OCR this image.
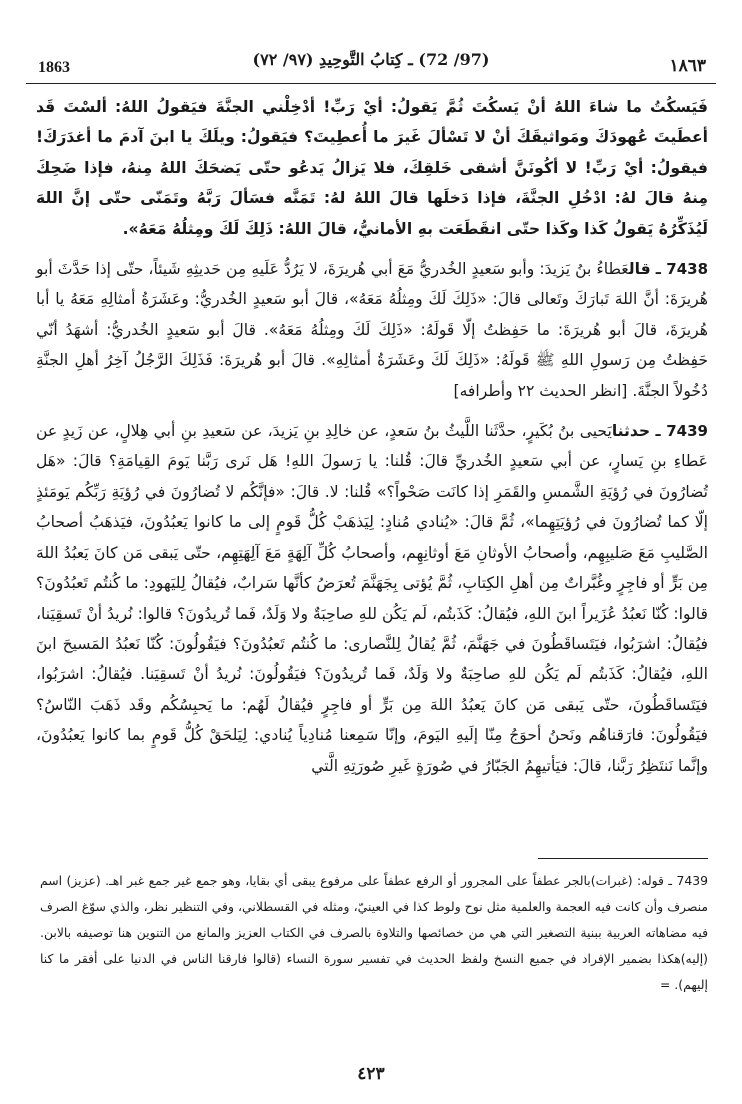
1863	(97/ 72) ـ كِتابُ التَّوحِيدِ (٩٧/ ٧٢)	١٨٦٣

فَيَسكُتُ ما شاءَ اللهُ أنْ يَسكُتَ ثُمَّ يَقولُ: أيْ رَبِّ! أدْخِلْني الجنَّةَ فيَقولُ اللهُ: ألسْتَ قَد أعطَيتَ عُهودَكَ ومَواثيقَكَ أنْ لا تَسْألَ غَيرَ ما أُعطِيتَ؟ فيَقولُ: ويلَكَ يا ابنَ آدمَ ما أغدَرَكَ! فيقولُ: أيْ رَبِّ! لا أكُونَنَّ أشقى خَلقِكَ، فلا يَزالُ يَدعُو حتّى يَضحَكَ اللهُ مِنهُ، فإذا ضَحِكَ مِنهُ قالَ لهُ: ادْخُلِ الجنَّةَ، فإذا دَخلَها قالَ اللهُ لهُ: تَمَنَّه فسَألَ رَبَّهُ وتَمَنّى حتّى إنَّ اللهَ لَيُذَكِّرُهُ يَقولُ كَذا وكَذا حتّى انقَطَعَت بهِ الأمانيُّ، قالَ اللهُ: ذَلِكَ لَكَ ومِثلُهُ مَعَهُ».

7438 ـ قالعَطاءُ بنُ يَزيدَ: وأبو سَعيدٍ الخُدريُّ مَعَ أبي هُريرَةَ، لا يَرُدُّ عَلَيهِ مِن حَديثِهِ شَيئاً، حتّى إذا حَدَّثَ أبو هُريرَةَ: أنَّ اللهَ تَبارَكَ وتَعالى قالَ: «ذَلِكَ لَكَ ومِثلُهُ مَعَهُ»، قالَ أبو سَعيدٍ الخُدريُّ: وعَشَرَةُ أمثالِهِ مَعَهُ يا أبا هُريرَةَ، قالَ أبو هُريرَةَ: ما حَفِظتُ إلّا قَولَهُ: «ذَلِكَ لَكَ ومِثلُهُ مَعَهُ». قالَ أبو سَعيدٍ الخُدريُّ: أشهَدُ أنّي حَفِظتُ مِن رَسولِ اللهِ ﷺ قَولَهُ: «ذَلِكَ لَكَ وعَشَرَةُ أمثالِهِ». قالَ أبو هُريرَةَ: فَذَلِكَ الرَّجُلُ آخِرُ أهلِ الجنَّةِ دُخُولاً الجنَّةَ. [انظر الحديث ٢٢ وأطرافه]

7439 ـ حدثنايَحيى بنُ بُكَيرٍ، حدَّثَنا اللَّيثُ بنُ سَعدٍ، عن خالِدِ بنِ يَزيدَ، عن سَعيدِ بنِ أبي هِلالٍ، عن زَيدٍ عن عَطاءِ بنِ يَسارٍ، عن أبي سَعيدٍ الخُدريِّ قالَ: قُلنا: يا رَسولَ اللهِ! هَل نَرى رَبَّنا يَومَ القِيامَةِ؟ قالَ: «هَل تُضارُونَ في رُؤيَةِ الشَّمسِ والقَمَرِ إذا كانَت صَحْواً؟» قُلنا: لا. قالَ: «فإنَّكُم لا تُضارُونَ في رُؤيَةِ رَبِّكُم يَومَئذٍ إلّا كما تُضارُونَ في رُؤيَتِهِما»، ثُمَّ قالَ: «يُنادي مُنادٍ: لِيَذهَبْ كُلُّ قَومٍ إلى ما كانوا يَعبُدُونَ، فيَذهَبُ أصحابُ الصَّليبِ مَعَ صَليبِهِم، وأصحابُ الأوثانِ مَعَ أوثانِهِم، وأصحابُ كُلِّ آلِهَةٍ مَعَ آلِهَتِهِم، حتّى يَبقى مَن كانَ يَعبُدُ اللهَ مِن بَرٍّ أو فاجِرٍ وغُبَّراتٌ مِن أهلِ الكِتابِ، ثُمَّ يُؤتى بِجَهَنَّمَ تُعرَضُ كأنَّها سَرابٌ، فيُقالُ لِليَهودِ: ما كُنتُم تَعبُدُونَ؟ قالوا: كُنّا نَعبُدُ عُزَيراً ابنَ اللهِ، فيُقالُ: كَذَبتُم، لَم يَكُن للهِ صاحِبَةٌ ولا وَلَدٌ، فَما تُريدُونَ؟ قالوا: نُريدُ أنْ تَسقِيَنا، فيُقالُ: اشرَبُوا، فيَتَساقَطُونَ في جَهَنَّمَ، ثُمَّ يُقالُ لِلنَّصارى: ما كُنتُم تَعبُدُونَ؟ فيَقُولُونَ: كُنّا نَعبُدُ المَسيحَ ابنَ اللهِ، فيُقالُ: كَذَبتُم لَم يَكُن للهِ صاحِبَةٌ ولا وَلَدٌ، فَما تُريدُونَ؟ فيَقُولُونَ: نُريدُ أنْ تَسقِيَنا. فيُقالُ: اشرَبُوا، فيَتَساقَطُونَ، حتّى يَبقى مَن كانَ يَعبُدُ اللهَ مِن بَرٍّ أو فاجِرٍ فيُقالُ لَهُم: ما يَحبِسُكُم وقَد ذَهَبَ النّاسُ؟ فيَقُولُونَ: فارَقناهُم ونَحنُ أحوَجُ مِنّا إلَيهِ اليَومَ، وإنّا سَمِعنا مُنادِياً يُنادي: لِيَلحَقْ كُلُّ قَومٍ بما كانوا يَعبُدُونَ، وإنَّما نَنتَظِرُ رَبَّنا، قالَ: فيَأتيهِمُ الجَبّارُ في صُورَةٍ غَيرِ صُورَتِهِ الَّتي

7439 ـ قوله: (غبرات)بالجر عطفاً على المجرور أو الرفع عطفاً على مرفوع يبقى أي بقايا، وهو جمع غير جمع غبر اهـ. (عزيز) اسم منصرف وأن كانت فيه العجمة والعلمية مثل نوح ولوط كذا في العينيّ، ومثله في القسطلاني، وفي التنظير نظر، والذي سوّغ الصرف فيه مضاهاته العربية ببنية التصغير التي هي من خصائصها والتلاوة بالصرف في الكتاب العزيز والمانع من التنوين هنا توصيفه بالابن. (إليه)هكذا بضمير الإفراد في جميع النسخ ولفظ الحديث في تفسير سورة النساء (قالوا فارقنا الناس في الدنيا على أفقر ما كنا إليهم). =

٤٢٣
